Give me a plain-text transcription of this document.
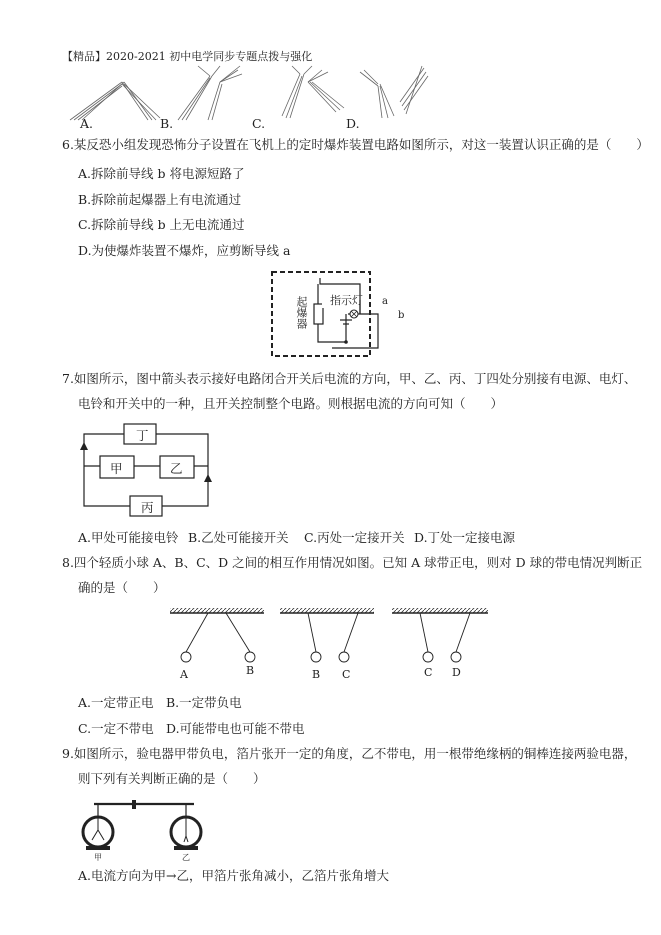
【精品】2020-2021 初中电学同步专题点拨与强化
A.	B.	C.	D.
6.某反恐小组发现恐怖分子设置在飞机上的定时爆炸装置电路如图所示，对这一装置认识正确的是（　　）
A.拆除前导线 b 将电源短路了
B.拆除前起爆器上有电流通过
C.拆除前导线 b 上无电流通过
D.为使爆炸装置不爆炸，应剪断导线 a
起爆器 指示灯 a
b
7.如图所示，图中箭头表示接好电路闭合开关后电流的方向，甲、乙、丙、丁四处分别接有电源、电灯、
电铃和开关中的一种，且开关控制整个电路。则根据电流的方向可知（　　）
丁
甲	乙
丙
A.甲处可能接电铃 B.乙处可能接开关 C.丙处一定接开关 D.丁处一定接电源
8.四个轻质小球 A、B、C、D 之间的相互作用情况如图。已知 A 球带正电，则对 D 球的带电情况判断正
确的是（　　）
A	B	B C	C D
A.一定带正电 B.一定带负电
C.一定不带电 D.可能带电也可能不带电
9.如图所示，验电器甲带负电，箔片张开一定的角度，乙不带电，用一根带绝缘柄的铜棒连接两验电器，
则下列有关判断正确的是（　　）
甲	乙
A.电流方向为甲→乙，甲箔片张角减小，乙箔片张角增大
